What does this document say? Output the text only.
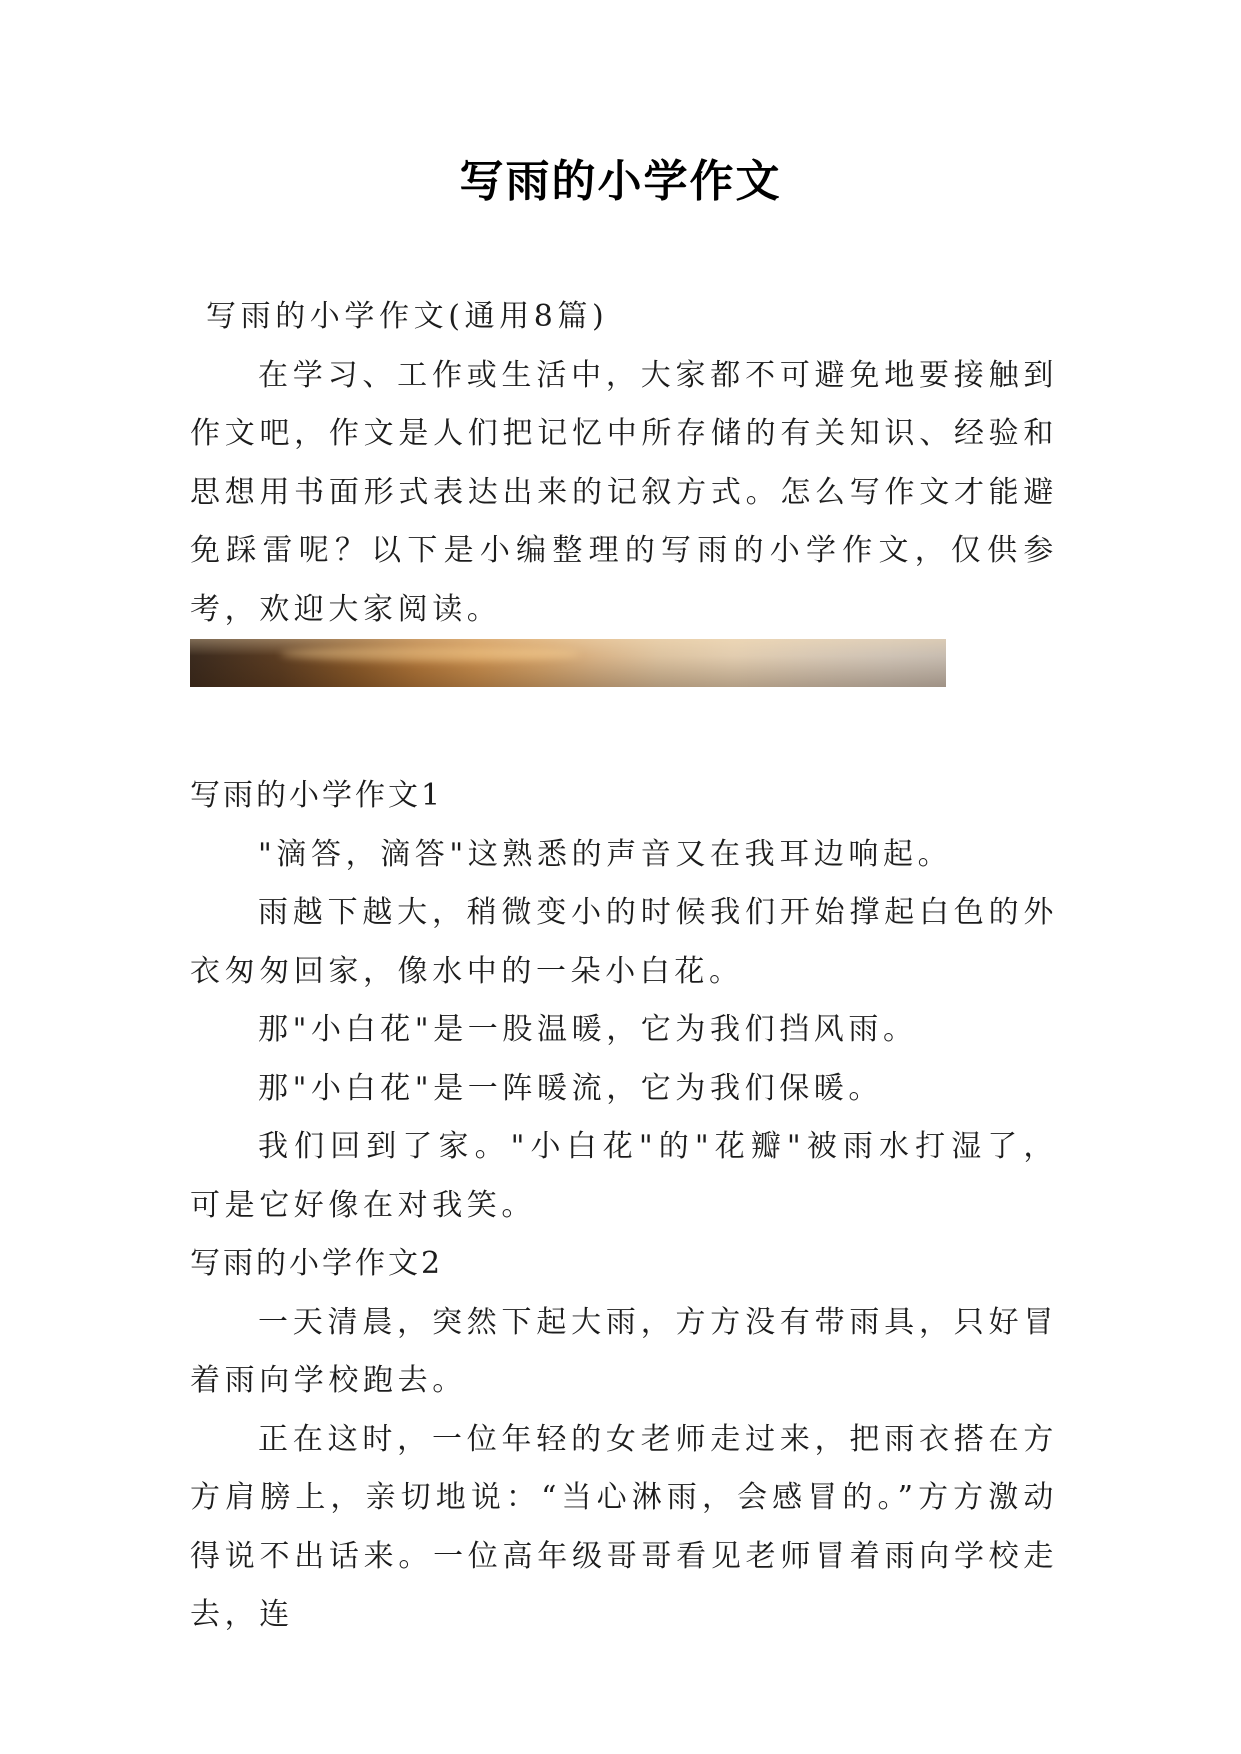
写雨的小学作文

写雨的小学作文(通用8篇)

在学习、工作或生活中，大家都不可避免地要接触到作文吧，作文是人们把记忆中所存储的有关知识、经验和思想用书面形式表达出来的记叙方式。怎么写作文才能避免踩雷呢？以下是小编整理的写雨的小学作文，仅供参考，欢迎大家阅读。

写雨的小学作文1

"滴答，滴答"这熟悉的声音又在我耳边响起。

雨越下越大，稍微变小的时候我们开始撑起白色的外衣匆匆回家，像水中的一朵小白花。

那"小白花"是一股温暖，它为我们挡风雨。

那"小白花"是一阵暖流，它为我们保暖。

我们回到了家。"小白花"的"花瓣"被雨水打湿了，可是它好像在对我笑。

写雨的小学作文2

一天清晨，突然下起大雨，方方没有带雨具，只好冒着雨向学校跑去。

正在这时，一位年轻的女老师走过来，把雨衣搭在方方肩膀上，亲切地说：“当心淋雨，会感冒的。”方方激动得说不出话来。一位高年级哥哥看见老师冒着雨向学校走去，连
